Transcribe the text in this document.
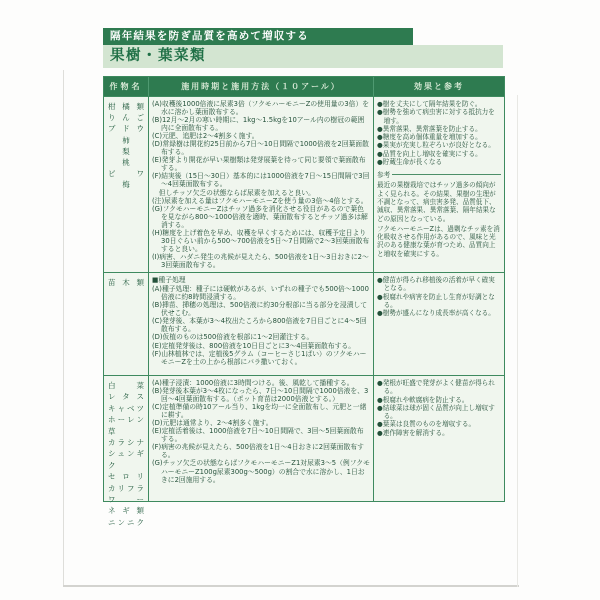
隔年結果を防ぎ品質を高めて増収する
果樹・葉菜類
作物名	施用時期と施用方法（１０アール）	効果と参考
柑橘類
りんご
ブドウ
柿
梨
桃
ビワ
梅
(A)収穫後1000倍液に尿素3倍（フクモハーモニーZの使用量の3倍）を水に溶かし葉面散布する。
(B)12月～2月の寒い時期に、1kg～1.5kgを10アール内の樹冠の範囲内に全面散布する。
(C)元肥、追肥は2～4割多く施す。
(D)常緑樹は開花約25日前から7日～10日間隔で1000倍液を2回葉面散布する。
(E)発芽より開花が早い果樹類は発芽展葉を待って同じ要領で葉面散布する。
(F)結実後（15日～30日）基本的には1000倍液を7日～15日間隔で3回～4回葉面散布する。
　但しチッソ欠乏の状態ならば尿素を加えると良い。
(注)尿素を加える量はフクモハーモニーZを使う量の3倍～4倍とする。
(G)フクモハーモニーZはチッソ過多を消化させる役目があるので葉色を見ながら800～1000倍液を適時、葉面散布するとチッソ過多は解消する。
(H)糖度を上げ着色を早め、収穫を早くするためには、収穫予定日より30日ぐらい前から500～700倍液を5日～7日間隔で2～3回葉面散布すると良い。
(I)病害、ハダニ発生の兆候が見えたら、500倍液を1日～3日おきに2～3回葉面散布する。
●樹を丈夫にして隔年結果を防ぐ。
●樹勢を強めて病虫害に対する抵抗力を増す。
●異常落果、異常落葉を防止する。
●糖度を高め個体重量を増加する。
●果実が充実し粒ぞろいが良好となる。
●品質を向上し増収を確実にする。
●貯蔵生命が長くなる
参考
最近の果樹栽培ではチッソ過多の傾向がよく見られる。その結果、果樹の生理が不調となって、病虫害多発、品質低下、減収、異常落果、異常落葉、隔年結果などの原因となっている。
フクモハーモニーZは、過剰なチッ素を消化吸収させる作用があるので、風味と光沢のある健康な葉が育つため、品質向上と増収を確実にする。
苗木類 ■種子処理
(A)種子処理：種子には硬軟があるが、いずれの種子でも500倍～1000倍液に約8時間浸漬する。
(B)挿苗、挿穂の処理は、500倍液に約30分根部に当る部分を浸漬して伏せこむ。
(C)発芽後、本葉が3～4枚出たころから800倍液を7日目ごとに4～5回散布する。
(D)仮植のものは500倍液を根部に1～2回灌注する。
(E)定植発芽後は、800倍液を10日目ごとに3～4回葉面散布する。
(F)山林植林では、定植後5グラム（コーヒーさじ1ぱい）のフクモハーモニーZを土の上から根部にバラ撒いておく。
●健苗が得られ移植後の活着が早く確実となる。
●根腐れや病害を防止し生育が好調となる。
●樹勢が盛んになり成長率が高くなる。
白菜
レタス
キャベツ
ホーレン草
カラシナ
シュンギク
セロリ
カリフラワー
ネギ類
ニンニク
(A)種子浸漬：1000倍液に3時間つける。後、風乾して播種する。
(B)発芽後本葉が3～4枚になったら、7日～10日間隔で1000倍液を、3回～4回葉面散布する。（ポット育苗は2000倍液とする。）
(C)定植準備の時10アール当り、1kgを均一に全面散布し、元肥と一緒に耕す。
(D)元肥は通常より、2～4割多く施す。
(E)定植活着後は、1000倍液を7日～10日間隔で、3回～5回葉面散布する。
(F)病害の兆候が見えたら、500倍液を1日～4日おきに2回葉面散布する。
(G)チッソ欠乏の状態ならばフクモハーモニーZ1対尿素3～5（例フクモハーモニーZ100g尿素300g～500g）の割合で水に溶かし、1日おきに2回施用する。
●発根が旺盛で発芽がよく健苗が得られる。
●根腐れや軟腐病を防止する。
●結球菜は球が固く品質が向上し増収する。
●葉菜は良質のものを増収する。
●連作障害を解消する。
